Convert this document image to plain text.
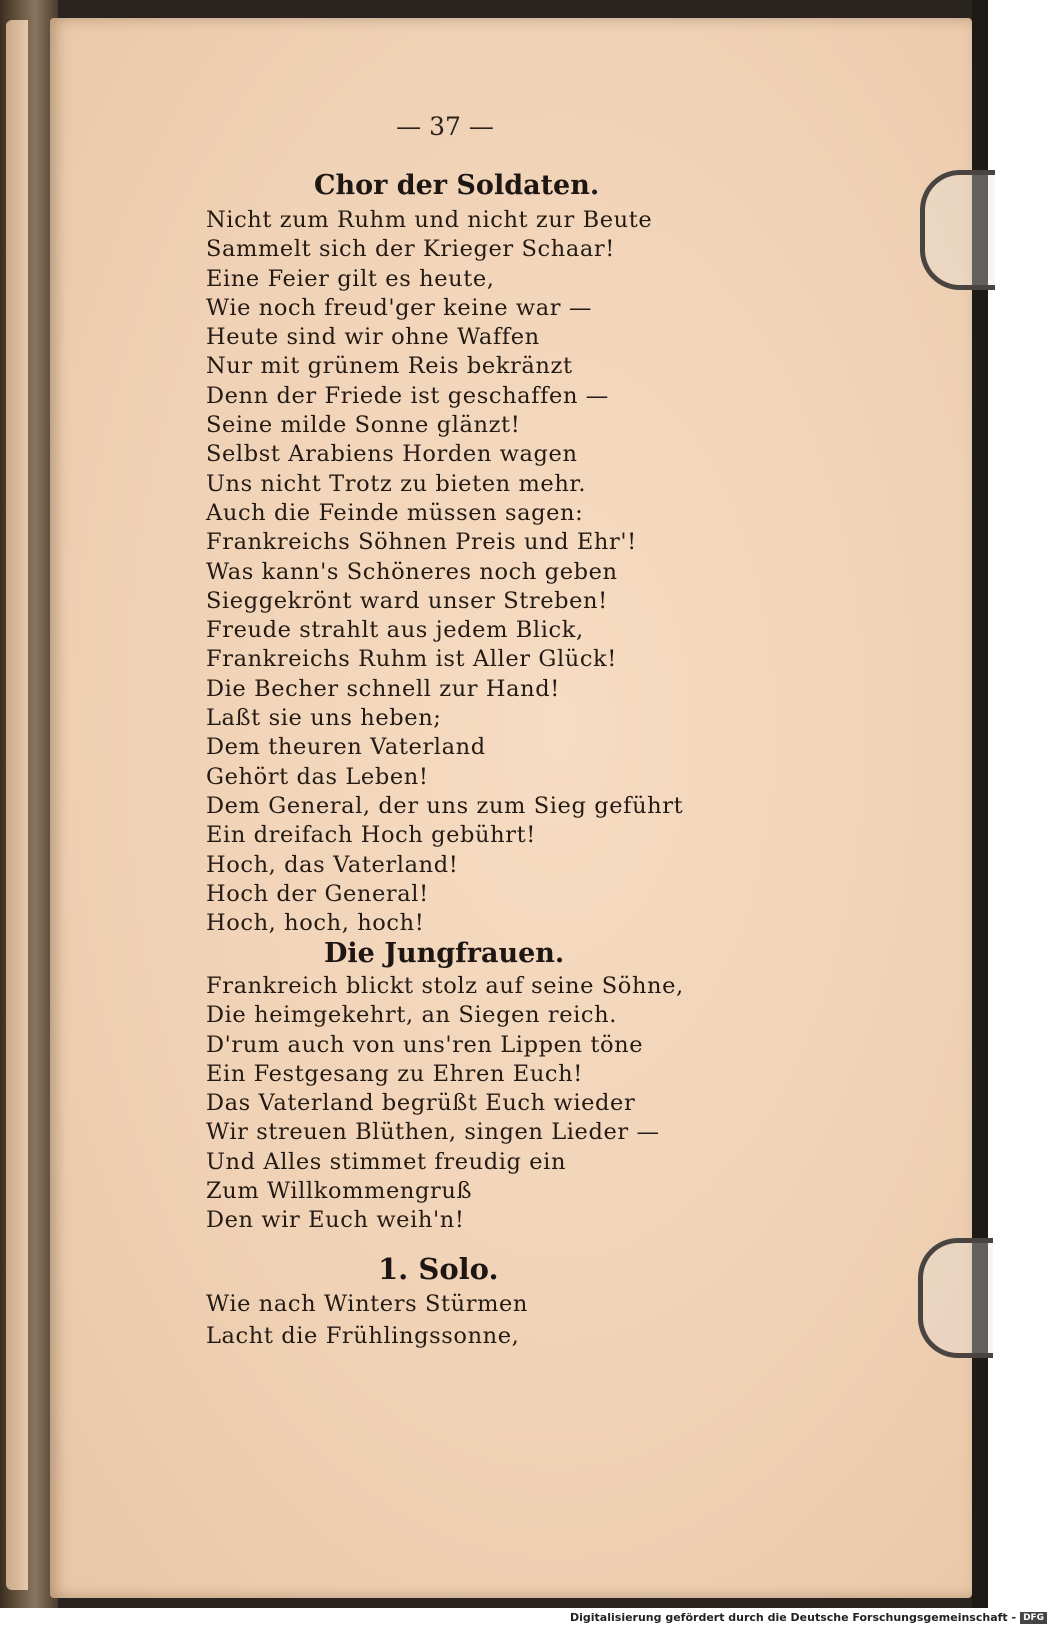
— 37 —
Chor der Soldaten.
Nicht zum Ruhm und nicht zur Beute
Sammelt sich der Krieger Schaar!
Eine Feier gilt es heute,
Wie noch freud'ger keine war —
Heute sind wir ohne Waffen
Nur mit grünem Reis bekränzt
Denn der Friede ist geschaffen —
Seine milde Sonne glänzt!
Selbst Arabiens Horden wagen
Uns nicht Trotz zu bieten mehr.
Auch die Feinde müssen sagen:
Frankreichs Söhnen Preis und Ehr'!
Was kann's Schöneres noch geben
Sieggekrönt ward unser Streben!
Freude strahlt aus jedem Blick,
Frankreichs Ruhm ist Aller Glück!
Die Becher schnell zur Hand!
Laßt sie uns heben;
Dem theuren Vaterland
Gehört das Leben!
Dem General, der uns zum Sieg geführt
Ein dreifach Hoch gebührt!
Hoch, das Vaterland!
Hoch der General!
Hoch, hoch, hoch!
Die Jungfrauen.
Frankreich blickt stolz auf seine Söhne,
Die heimgekehrt, an Siegen reich.
D'rum auch von uns'ren Lippen töne
Ein Festgesang zu Ehren Euch!
Das Vaterland begrüßt Euch wieder
Wir streuen Blüthen, singen Lieder —
Und Alles stimmet freudig ein
Zum Willkommengruß
Den wir Euch weih'n!
1. Solo.
Wie nach Winters Stürmen
Lacht die Frühlingssonne,
Digitalisierung gefördert durch die Deutsche Forschungsgemeinschaft - DFG
